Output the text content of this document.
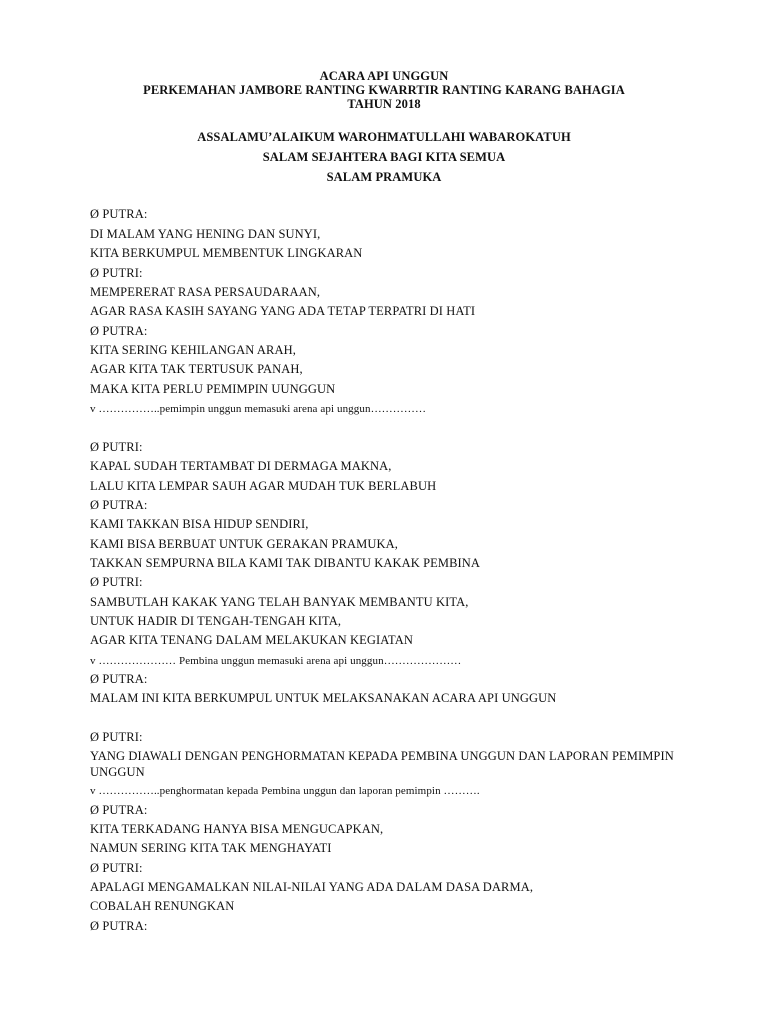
ACARA API UNGGUN
PERKEMAHAN JAMBORE RANTING KWARRTIR RANTING KARANG BAHAGIA
TAHUN 2018
ASSALAMU’ALAIKUM WAROHMATULLAHI WABAROKATUH
SALAM SEJAHTERA BAGI KITA SEMUA
SALAM PRAMUKA
Ø PUTRA:
DI MALAM YANG HENING DAN SUNYI,
KITA BERKUMPUL MEMBENTUK LINGKARAN
Ø PUTRI:
MEMPERERAT RASA PERSAUDARAAN,
AGAR RASA KASIH SAYANG YANG ADA TETAP TERPATRI DI HATI
Ø PUTRA:
KITA SERING KEHILANGAN ARAH,
AGAR KITA TAK TERTUSUK PANAH,
MAKA KITA PERLU PEMIMPIN UUNGGUN
v ……………..pemimpin unggun memasuki arena api unggun……………
Ø PUTRI:
KAPAL SUDAH TERTAMBAT DI DERMAGA MAKNA,
LALU KITA LEMPAR SAUH AGAR MUDAH TUK BERLABUH
Ø PUTRA:
KAMI TAKKAN BISA HIDUP SENDIRI,
KAMI BISA BERBUAT UNTUK GERAKAN PRAMUKA,
TAKKAN SEMPURNA BILA KAMI TAK DIBANTU KAKAK PEMBINA
Ø PUTRI:
SAMBUTLAH KAKAK YANG TELAH BANYAK MEMBANTU KITA,
UNTUK HADIR DI TENGAH-TENGAH KITA,
AGAR KITA TENANG DALAM MELAKUKAN KEGIATAN
v ………………… Pembina unggun memasuki arena api unggun…………………
Ø PUTRA:
MALAM INI KITA BERKUMPUL UNTUK MELAKSANAKAN ACARA API UNGGUN
Ø PUTRI:
YANG DIAWALI DENGAN PENGHORMATAN KEPADA PEMBINA UNGGUN DAN LAPORAN PEMIMPIN UNGGUN
v ……………..penghormatan kepada Pembina unggun dan laporan pemimpin ……….
Ø PUTRA:
KITA TERKADANG HANYA BISA MENGUCAPKAN,
NAMUN SERING KITA TAK MENGHAYATI
Ø PUTRI:
APALAGI MENGAMALKAN NILAI-NILAI YANG ADA DALAM DASA DARMA,
COBALAH RENUNGKAN
Ø PUTRA:
